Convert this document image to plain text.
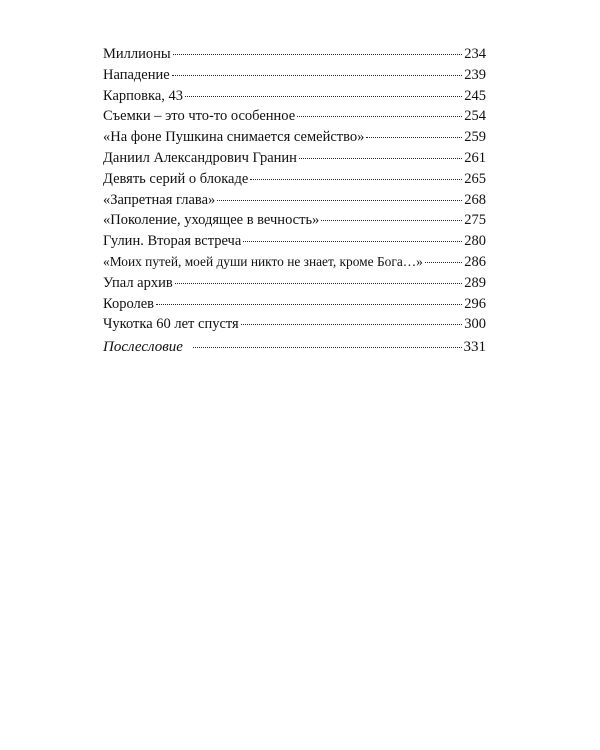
Миллионы	234
Нападение	239
Карповка, 43	245
Съемки – это что-то особенное	254
«На фоне Пушкина снимается семейство»	259
Даниил Александрович Гранин	261
Девять серий о блокаде	265
«Запретная глава»	268
«Поколение, уходящее в вечность»	275
Гулин. Вторая встреча	280
«Моих путей, моей души никто не знает, кроме Бога…»	286
Упал архив	289
Королев	296
Чукотка 60 лет спустя	300
Послесловие	331
